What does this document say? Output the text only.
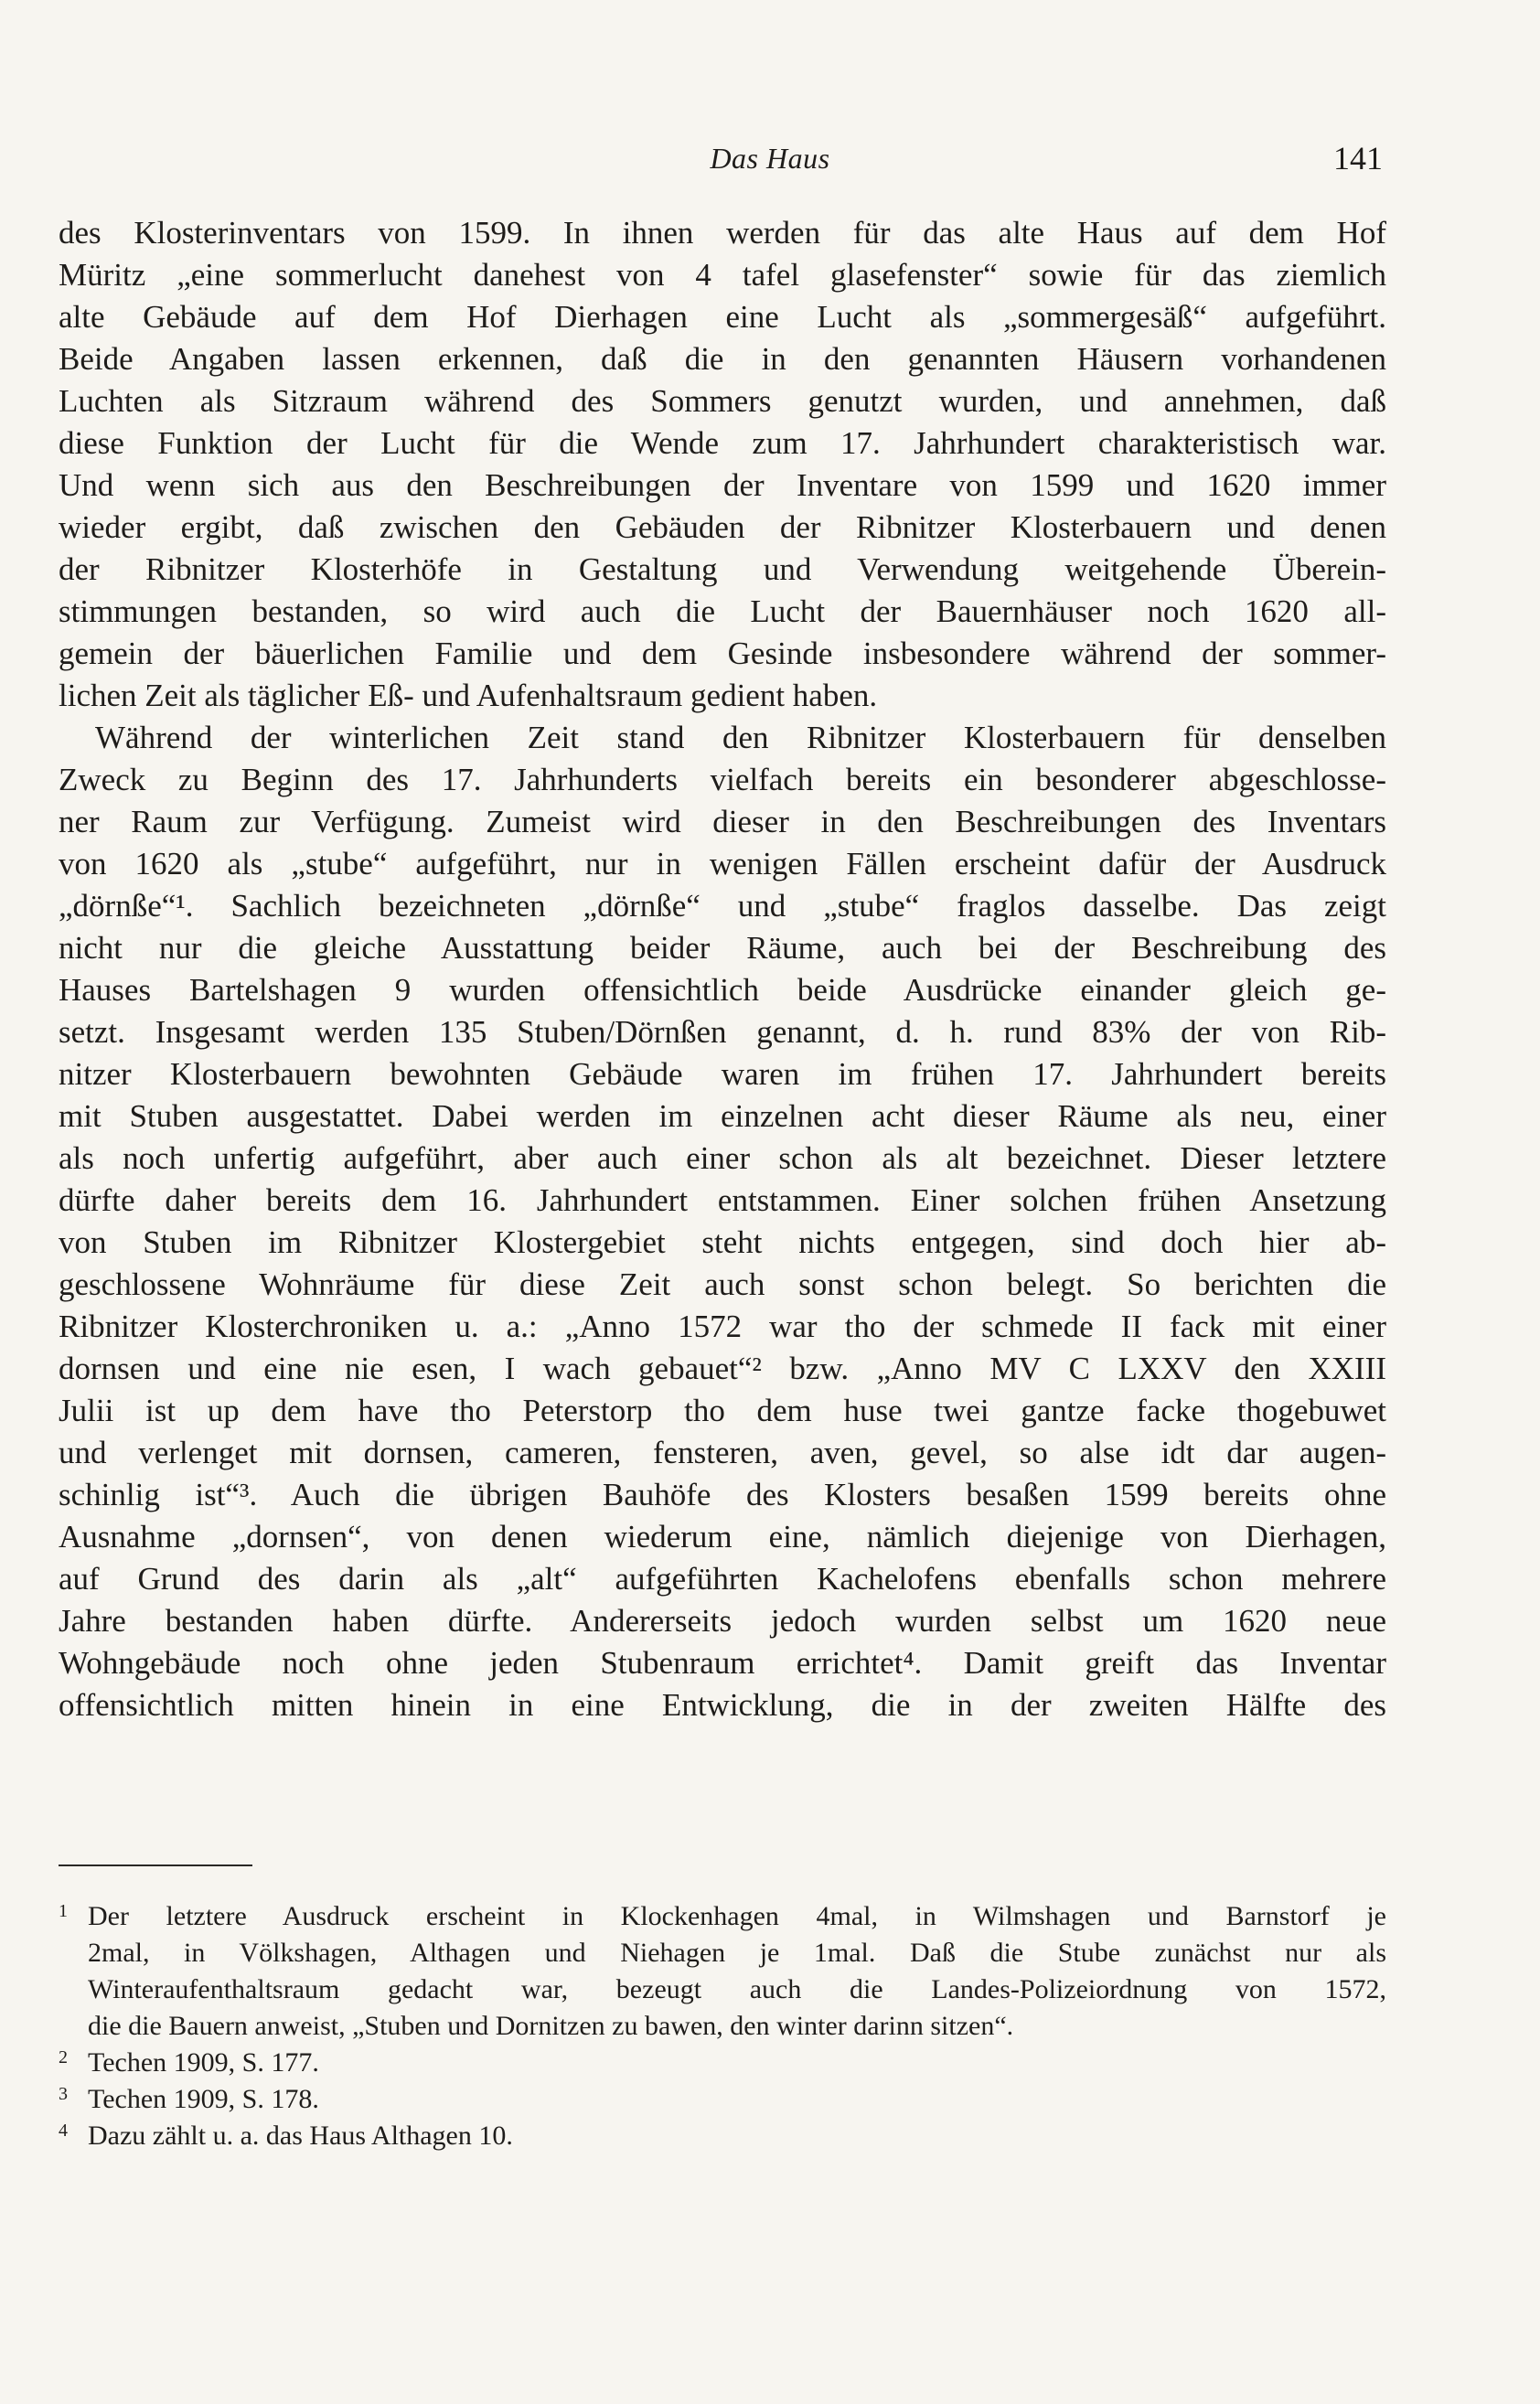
Das Haus	141
des Klosterinventars von 1599. In ihnen werden für das alte Haus auf dem Hof
Müritz „eine sommerlucht danehest von 4 tafel glasefenster“ sowie für das ziemlich
alte Gebäude auf dem Hof Dierhagen eine Lucht als „sommergesäß“ aufgeführt.
Beide Angaben lassen erkennen, daß die in den genannten Häusern vorhandenen
Luchten als Sitzraum während des Sommers genutzt wurden, und annehmen, daß
diese Funktion der Lucht für die Wende zum 17. Jahrhundert charakteristisch war.
Und wenn sich aus den Beschreibungen der Inventare von 1599 und 1620 immer
wieder ergibt, daß zwischen den Gebäuden der Ribnitzer Klosterbauern und denen
der Ribnitzer Klosterhöfe in Gestaltung und Verwendung weitgehende Überein-
stimmungen bestanden, so wird auch die Lucht der Bauernhäuser noch 1620 all-
gemein der bäuerlichen Familie und dem Gesinde insbesondere während der sommer-
lichen Zeit als täglicher Eß- und Aufenhaltsraum gedient haben.
Während der winterlichen Zeit stand den Ribnitzer Klosterbauern für denselben
Zweck zu Beginn des 17. Jahrhunderts vielfach bereits ein besonderer abgeschlosse-
ner Raum zur Verfügung. Zumeist wird dieser in den Beschreibungen des Inventars
von 1620 als „stube“ aufgeführt, nur in wenigen Fällen erscheint dafür der Ausdruck
„dörnße“¹. Sachlich bezeichneten „dörnße“ und „stube“ fraglos dasselbe. Das zeigt
nicht nur die gleiche Ausstattung beider Räume, auch bei der Beschreibung des
Hauses Bartelshagen 9 wurden offensichtlich beide Ausdrücke einander gleich ge-
setzt. Insgesamt werden 135 Stuben/Dörnßen genannt, d. h. rund 83% der von Rib-
nitzer Klosterbauern bewohnten Gebäude waren im frühen 17. Jahrhundert bereits
mit Stuben ausgestattet. Dabei werden im einzelnen acht dieser Räume als neu, einer
als noch unfertig aufgeführt, aber auch einer schon als alt bezeichnet. Dieser letztere
dürfte daher bereits dem 16. Jahrhundert entstammen. Einer solchen frühen Ansetzung
von Stuben im Ribnitzer Klostergebiet steht nichts entgegen, sind doch hier ab-
geschlossene Wohnräume für diese Zeit auch sonst schon belegt. So berichten die
Ribnitzer Klosterchroniken u. a.: „Anno 1572 war tho der schmede II fack mit einer
dornsen und eine nie esen, I wach gebauet“² bzw. „Anno MV C LXXV den XXIII
Julii ist up dem have tho Peterstorp tho dem huse twei gantze facke thogebuwet
und verlenget mit dornsen, cameren, fensteren, aven, gevel, so alse idt dar augen-
schinlig ist“³. Auch die übrigen Bauhöfe des Klosters besaßen 1599 bereits ohne
Ausnahme „dornsen“, von denen wiederum eine, nämlich diejenige von Dierhagen,
auf Grund des darin als „alt“ aufgeführten Kachelofens ebenfalls schon mehrere
Jahre bestanden haben dürfte. Andererseits jedoch wurden selbst um 1620 neue
Wohngebäude noch ohne jeden Stubenraum errichtet⁴. Damit greift das Inventar
offensichtlich mitten hinein in eine Entwicklung, die in der zweiten Hälfte des
1 Der letztere Ausdruck erscheint in Klockenhagen 4mal, in Wilmshagen und Barnstorf je
2mal, in Völkshagen, Althagen und Niehagen je 1mal. Daß die Stube zunächst nur als
Winteraufenthaltsraum gedacht war, bezeugt auch die Landes-Polizeiordnung von 1572,
die die Bauern anweist, „Stuben und Dornitzen zu bawen, den winter darinn sitzen“.
2 Techen 1909, S. 177.
3 Techen 1909, S. 178.
4 Dazu zählt u. a. das Haus Althagen 10.
